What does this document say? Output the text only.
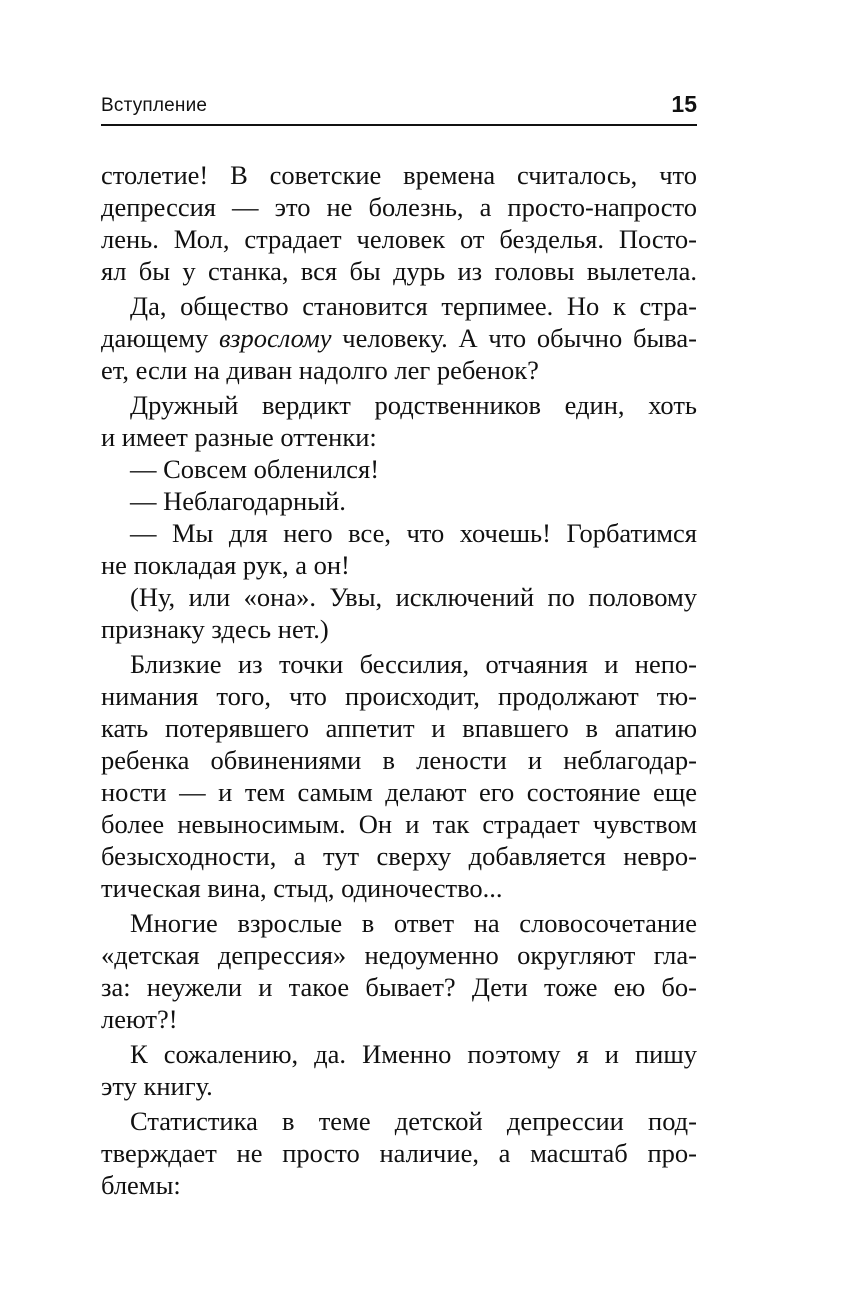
Вступление	15
столетие! В советские времена считалось, что
депрессия — это не болезнь, а просто-напросто
лень. Мол, страдает человек от безделья. Посто-
ял бы у станка, вся бы дурь из головы вылетела.
Да, общество становится терпимее. Но к стра-
дающему взрослому человеку. А что обычно быва-
ет, если на диван надолго лег ребенок?
Дружный вердикт родственников един, хоть
и имеет разные оттенки:
— Совсем обленился!
— Неблагодарный.
— Мы для него все, что хочешь! Горбатимся
не покладая рук, а он!
(Ну, или «она». Увы, исключений по половому
признаку здесь нет.)
Близкие из точки бессилия, отчаяния и непо-
нимания того, что происходит, продолжают тю-
кать потерявшего аппетит и впавшего в апатию
ребенка обвинениями в лености и неблагодар-
ности — и тем самым делают его состояние еще
более невыносимым. Он и так страдает чувством
безысходности, а тут сверху добавляется невро-
тическая вина, стыд, одиночество...
Многие взрослые в ответ на словосочетание
«детская депрессия» недоуменно округляют гла-
за: неужели и такое бывает? Дети тоже ею бо-
леют?!
К сожалению, да. Именно поэтому я и пишу
эту книгу.
Статистика в теме детской депрессии под-
тверждает не просто наличие, а масштаб про-
блемы:
